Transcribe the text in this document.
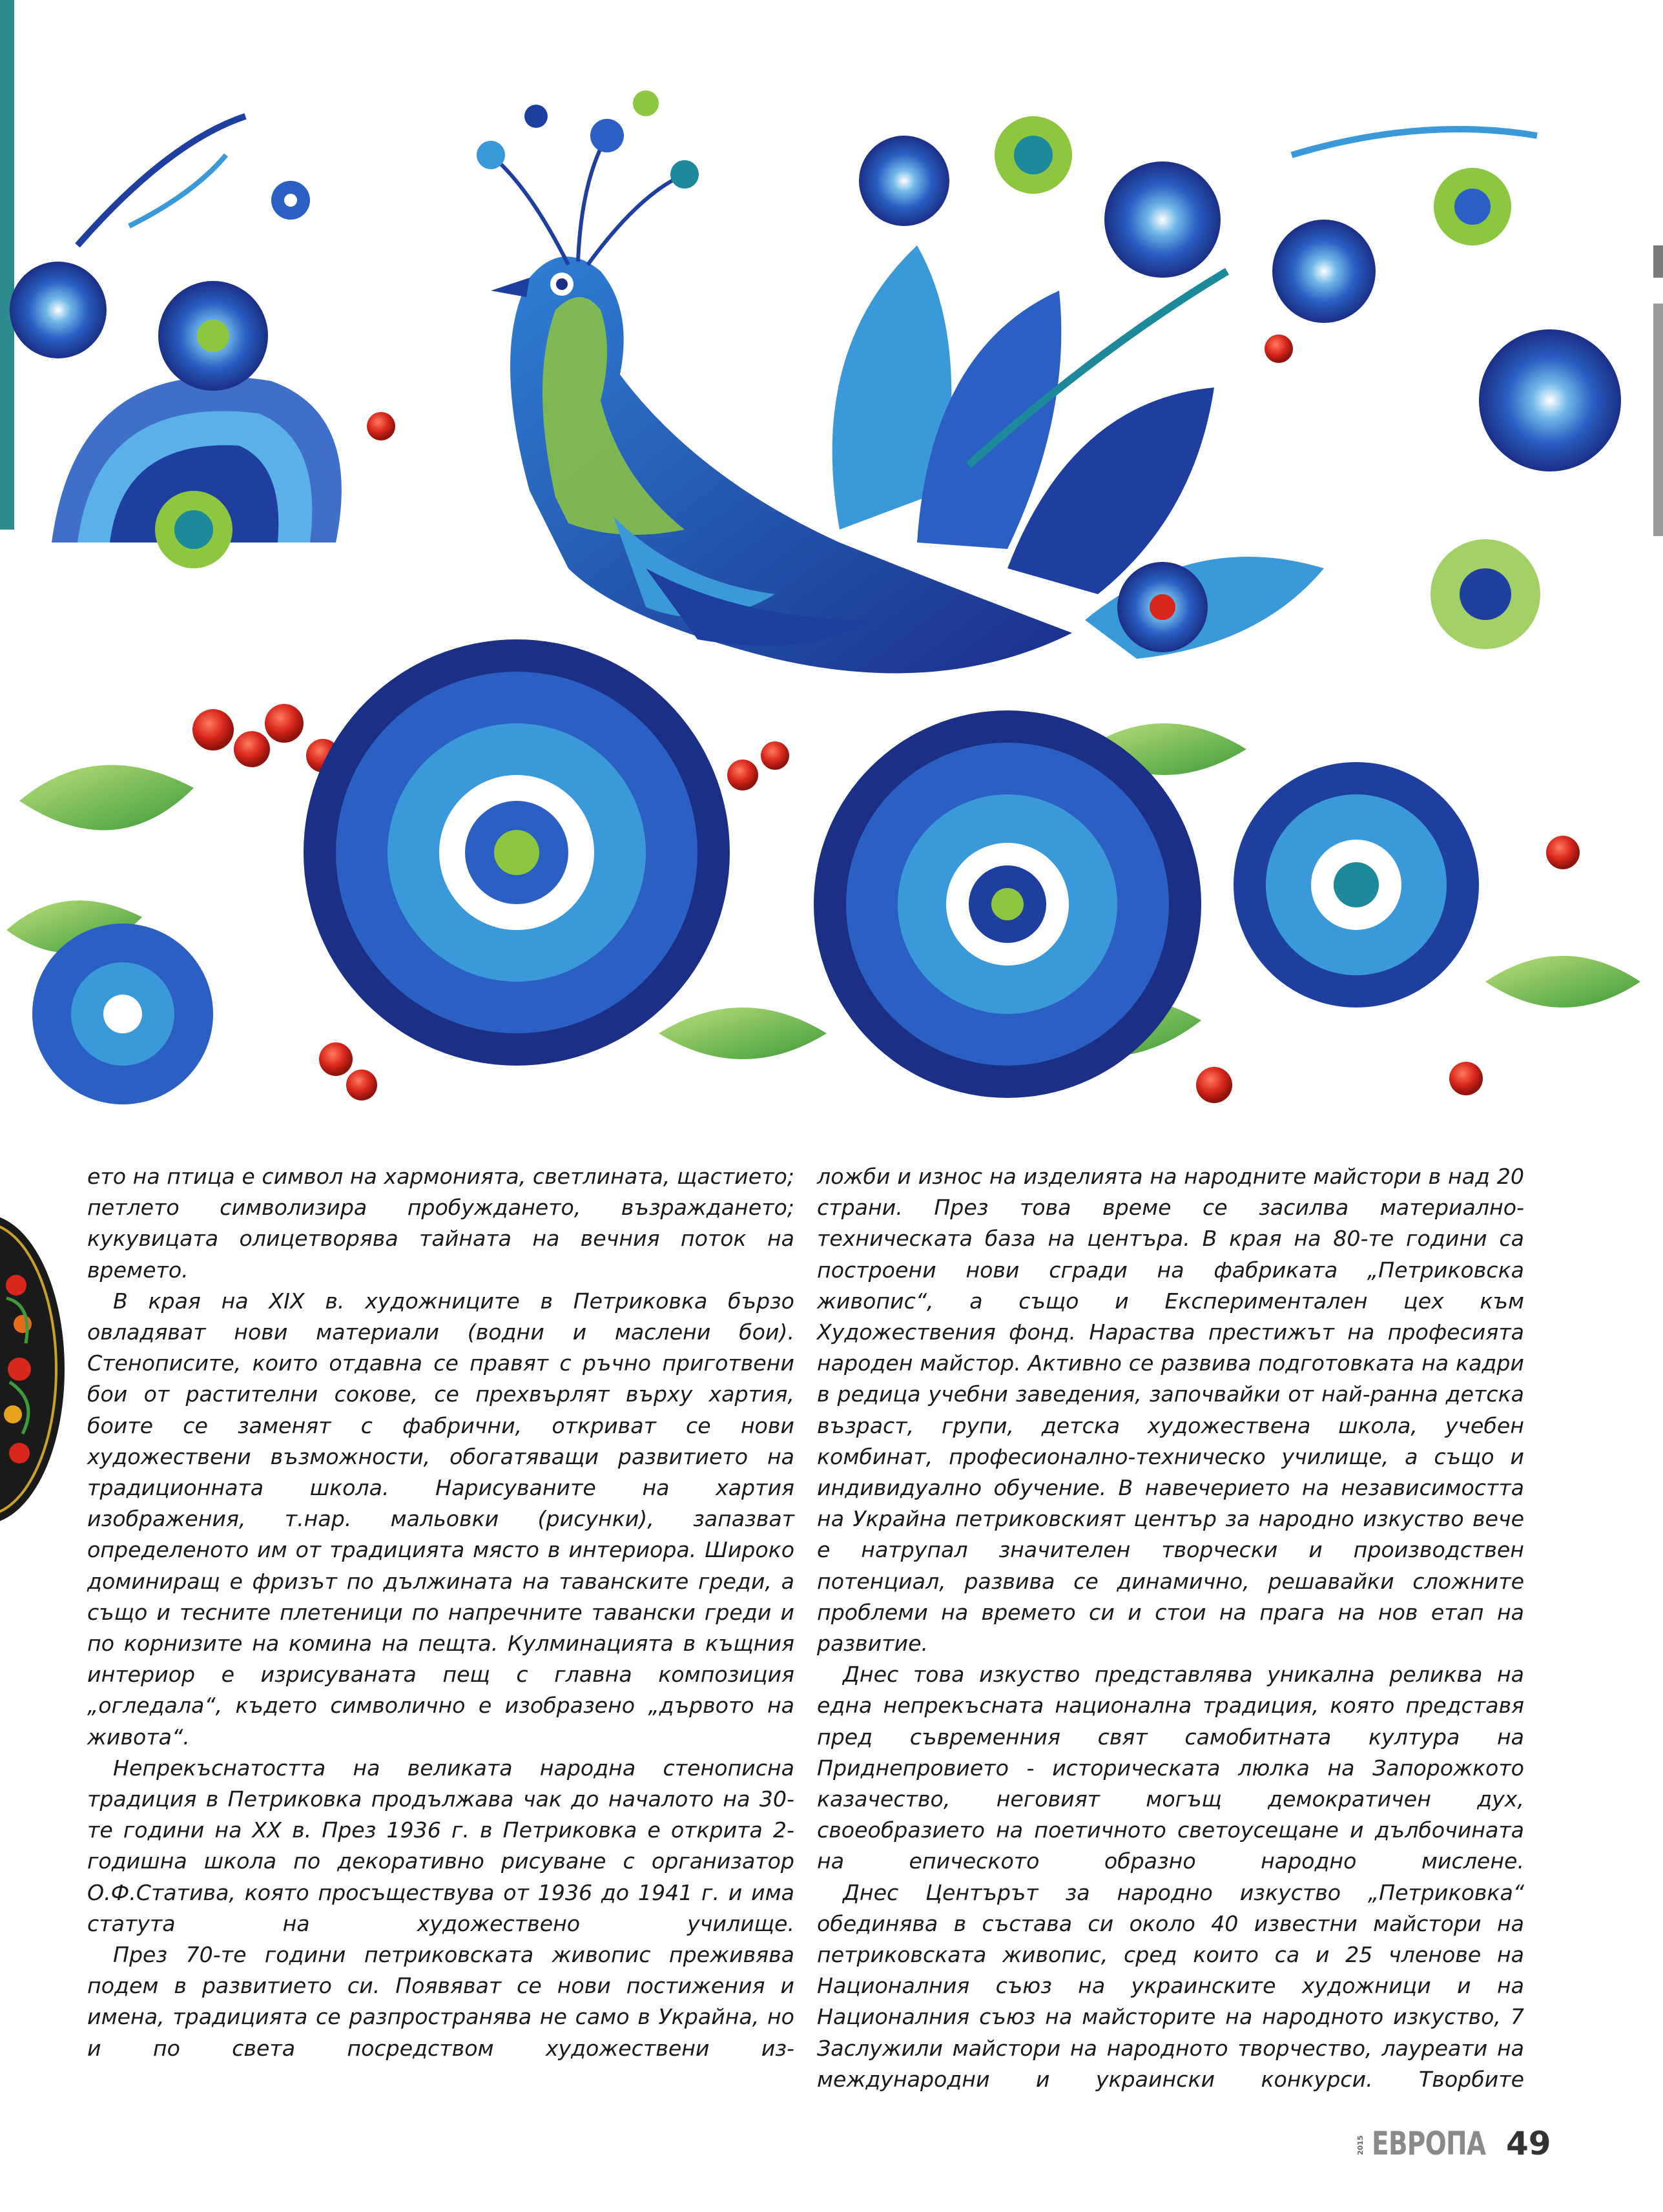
ето на птица е символ на хармонията, светлината, щастието; петлето символизира пробуждането, възраждането; кукувицата олицетворява тайната на вечния поток на времето.

В края на XIX в. художниците в Петриковка бързо овладяват нови материали (водни и маслени бои). Стенописите, които отдавна се правят с ръчно приготвени бои от растителни сокове, се прехвърлят върху хартия, боите се заменят с фабрични, откриват се нови художествени възможности, обогатяващи развитието на традиционната школа. Нарисуваните на хартия изображения, т.нар. мальовки (рисунки), запазват определеното им от традицията място в интериора. Широко доминиращ е фризът по дължината на таванските греди, а също и тесните плетеници по напречните тавански греди и по корнизите на комина на пещта. Кулминацията в къщния интериор е изрисуваната пещ с главна композиция „огледала“, където символично е изобразено „дървото на живота“.

Непрекъснатостта на великата народна стенописна традиция в Петриковка продължава чак до началото на 30-те години на XX в. През 1936 г. в Петриковка е открита 2-годишна школа по декоративно рисуване с организатор О.Ф.Статива, която просъществува от 1936 до 1941 г. и има статута на художествено училище.

През 70-те години петриковската живопис преживява подем в развитието си. Появяват се нови постижения и имена, традицията се разпространява не само в Украйна, но и по света посредством художествени из-

ложби и износ на изделията на народните майстори в над 20 страни. През това време се засилва материално-техническата база на центъра. В края на 80-те години са построени нови сгради на фабриката „Петриковска живопис“, а също и Експериментален цех към Художествения фонд. Нараства престижът на професията народен майстор. Активно се развива подготовката на кадри в редица учебни заведения, започвайки от най-ранна детска възраст, групи, детска художествена школа, учебен комбинат, професионално-техническо училище, а също и индивидуално обучение. В навечерието на независимостта на Украйна петриковският център за народно изкуство вече е натрупал значителен творчески и производствен потенциал, развива се динамично, решавайки сложните проблеми на времето си и стои на прага на нов етап на развитие.

Днес това изкуство представлява уникална реликва на една непрекъсната национална традиция, която представя пред съвременния свят самобитната култура на Приднепровието - историческата люлка на Запорожкото казачество, неговият могъщ демократичен дух, своеобразието на поетичното светоусещане и дълбочината на епическото образно народно мислене.

Днес Центърът за народно изкуство „Петриковка“ обединява в състава си около 40 известни майстори на петриковската живопис, сред които са и 25 членове на Националния съюз на украинските художници и на Националния съюз на майсторите на народното изкуство, 7 Заслужили майстори на народното творчество, лауреати на международни и украински конкурси. Творбите

2015 ЕВРОПА 49
